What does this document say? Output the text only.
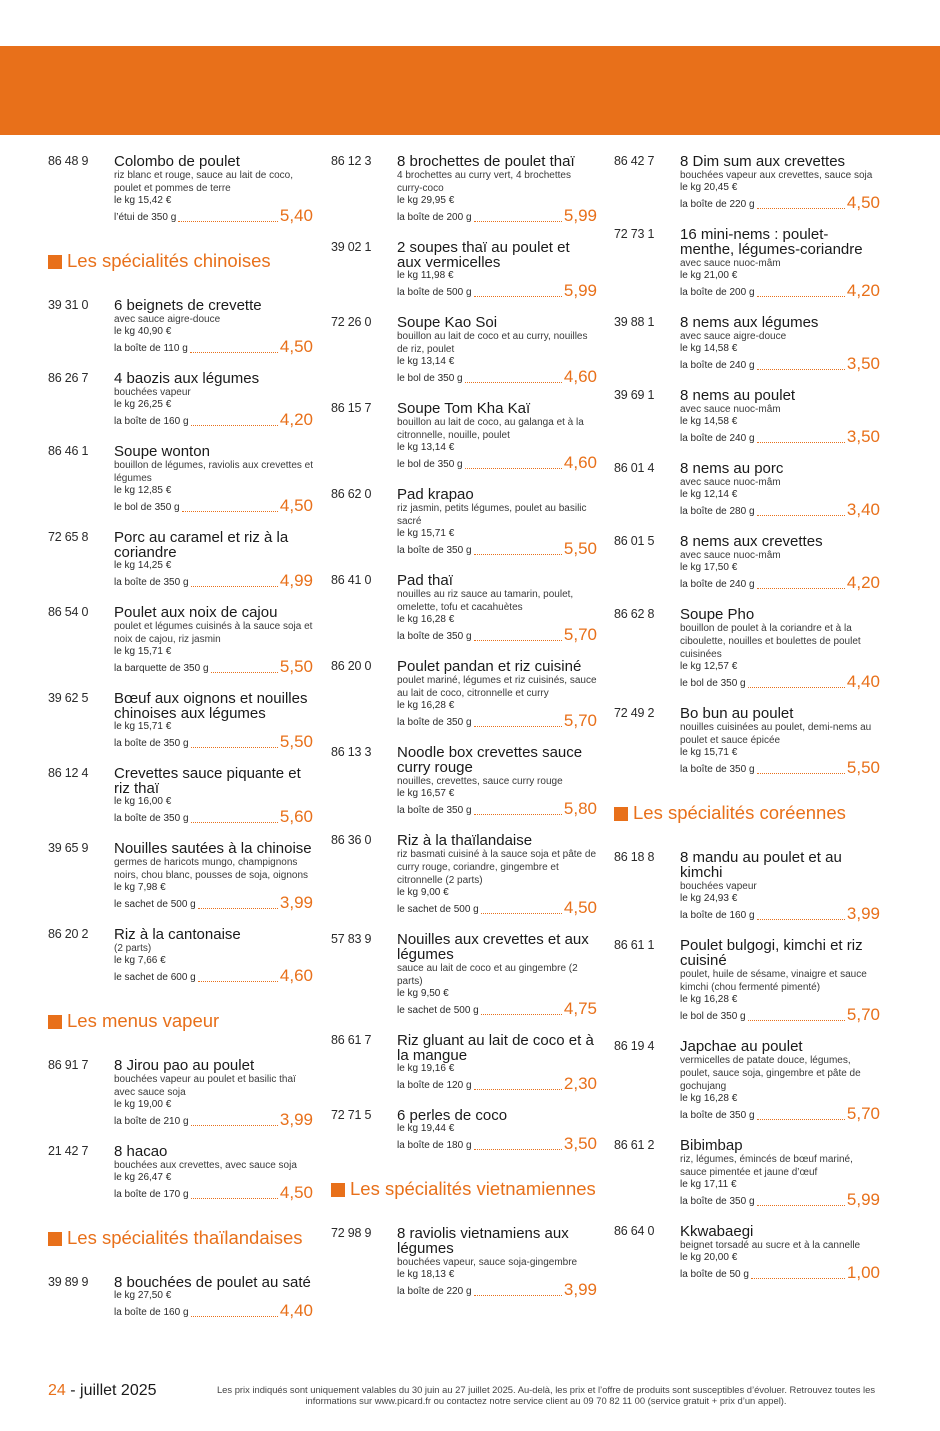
86 48 9 Colombo de poulet
riz blanc et rouge, sauce au lait de coco, poulet et pommes de terre
le kg 15,42 €
l’étui de 350 g	5,40
Les spécialités chinoises
39 31 0 6 beignets de crevette
avec sauce aigre-douce
le kg 40,90 €
la boîte de 110 g	4,50
86 26 7 4 baozis aux légumes
bouchées vapeur
le kg 26,25 €
la boîte de 160 g	4,20
86 46 1 Soupe wonton
bouillon de légumes, raviolis aux crevettes et légumes
le kg 12,85 €
le bol de 350 g	4,50
72 65 8 Porc au caramel et riz à la coriandre
le kg 14,25 €
la boîte de 350 g	4,99
86 54 0 Poulet aux noix de cajou
poulet et légumes cuisinés à la sauce soja et noix de cajou, riz jasmin
le kg 15,71 €
la barquette de 350 g	5,50
39 62 5 Bœuf aux oignons et nouilles chinoises aux légumes
le kg 15,71 €
la boîte de 350 g	5,50
86 12 4 Crevettes sauce piquante et riz thaï
le kg 16,00 €
la boîte de 350 g	5,60
39 65 9 Nouilles sautées à la chinoise
germes de haricots mungo, champignons noirs, chou blanc, pousses de soja, oignons
le kg 7,98 €
le sachet de 500 g	3,99
86 20 2 Riz à la cantonaise
(2 parts)
le kg 7,66 €
le sachet de 600 g	4,60
Les menus vapeur
86 91 7 8 Jirou pao au poulet
bouchées vapeur au poulet et basilic thaï avec sauce soja
le kg 19,00 €
la boîte de 210 g	3,99
21 42 7 8 hacao
bouchées aux crevettes, avec sauce soja
le kg 26,47 €
la boîte de 170 g	4,50
Les spécialités thaïlandaises
39 89 9 8 bouchées de poulet au saté
le kg 27,50 €
la boîte de 160 g	4,40
86 12 3 8 brochettes de poulet thaï
4 brochettes au curry vert, 4 brochettes curry-coco
le kg 29,95 €
la boîte de 200 g	5,99
39 02 1 2 soupes thaï au poulet et aux vermicelles
le kg 11,98 €
la boîte de 500 g	5,99
72 26 0 Soupe Kao Soi
bouillon au lait de coco et au curry, nouilles de riz, poulet
le kg 13,14 €
le bol de 350 g	4,60
86 15 7 Soupe Tom Kha Kaï
bouillon au lait de coco, au galanga et à la citronnelle, nouille, poulet
le kg 13,14 €
le bol de 350 g	4,60
86 62 0 Pad krapao
riz jasmin, petits légumes, poulet au basilic sacré
le kg 15,71 €
la boîte de 350 g	5,50
86 41 0 Pad thaï
nouilles au riz sauce au tamarin, poulet, omelette, tofu et cacahuètes
le kg 16,28 €
la boîte de 350 g	5,70
86 20 0 Poulet pandan et riz cuisiné
poulet mariné, légumes et riz cuisinés, sauce au lait de coco, citronnelle et curry
le kg 16,28 €
la boîte de 350 g	5,70
86 13 3 Noodle box crevettes sauce curry rouge
nouilles, crevettes, sauce curry rouge
le kg 16,57 €
la boîte de 350 g	5,80
86 36 0 Riz à la thaïlandaise
riz basmati cuisiné à la sauce soja et pâte de curry rouge, coriandre, gingembre et citronnelle (2 parts)
le kg 9,00 €
le sachet de 500 g	4,50
57 83 9 Nouilles aux crevettes et aux légumes
sauce au lait de coco et au gingembre (2 parts)
le kg 9,50 €
le sachet de 500 g	4,75
86 61 7 Riz gluant au lait de coco et à la mangue
le kg 19,16 €
la boîte de 120 g	2,30
72 71 5 6 perles de coco
le kg 19,44 €
la boîte de 180 g	3,50
Les spécialités vietnamiennes
72 98 9 8 raviolis vietnamiens aux légumes
bouchées vapeur, sauce soja-gingembre
le kg 18,13 €
la boîte de 220 g	3,99
86 42 7 8 Dim sum aux crevettes
bouchées vapeur aux crevettes, sauce soja
le kg 20,45 €
la boîte de 220 g	4,50
72 73 1 16 mini-nems : poulet-menthe, légumes-coriandre
avec sauce nuoc-mâm
le kg 21,00 €
la boîte de 200 g	4,20
39 88 1 8 nems aux légumes
avec sauce aigre-douce
le kg 14,58 €
la boîte de 240 g	3,50
39 69 1 8 nems au poulet
avec sauce nuoc-mâm
le kg 14,58 €
la boîte de 240 g	3,50
86 01 4 8 nems au porc
avec sauce nuoc-mâm
le kg 12,14 €
la boîte de 280 g	3,40
86 01 5 8 nems aux crevettes
avec sauce nuoc-mâm
le kg 17,50 €
la boîte de 240 g	4,20
86 62 8 Soupe Pho
bouillon de poulet à la coriandre et à la ciboulette, nouilles et boulettes de poulet cuisinées
le kg 12,57 €
le bol de 350 g	4,40
72 49 2 Bo bun au poulet
nouilles cuisinées au poulet, demi-nems au poulet et sauce épicée
le kg 15,71 €
la boîte de 350 g	5,50
Les spécialités coréennes
86 18 8 8 mandu au poulet et au kimchi
bouchées vapeur
le kg 24,93 €
la boîte de 160 g	3,99
86 61 1 Poulet bulgogi, kimchi et riz cuisiné
poulet, huile de sésame, vinaigre et sauce kimchi (chou fermenté pimenté)
le kg 16,28 €
le bol de 350 g	5,70
86 19 4 Japchae au poulet
vermicelles de patate douce, légumes, poulet, sauce soja, gingembre et pâte de gochujang
le kg 16,28 €
la boîte de 350 g	5,70
86 61 2 Bibimbap
riz, légumes, émincés de bœuf mariné, sauce pimentée et jaune d’œuf
le kg 17,11 €
la boîte de 350 g	5,99
86 64 0 Kkwabaegi
beignet torsadé au sucre et à la cannelle
le kg 20,00 €
la boîte de 50 g	1,00
24 - juillet 2025	Les prix indiqués sont uniquement valables du 30 juin au 27 juillet 2025. Au-delà, les prix et l’offre de produits sont susceptibles d’évoluer. Retrouvez toutes les informations sur www.picard.fr ou contactez notre service client au 09 70 82 11 00 (service gratuit + prix d’un appel).
